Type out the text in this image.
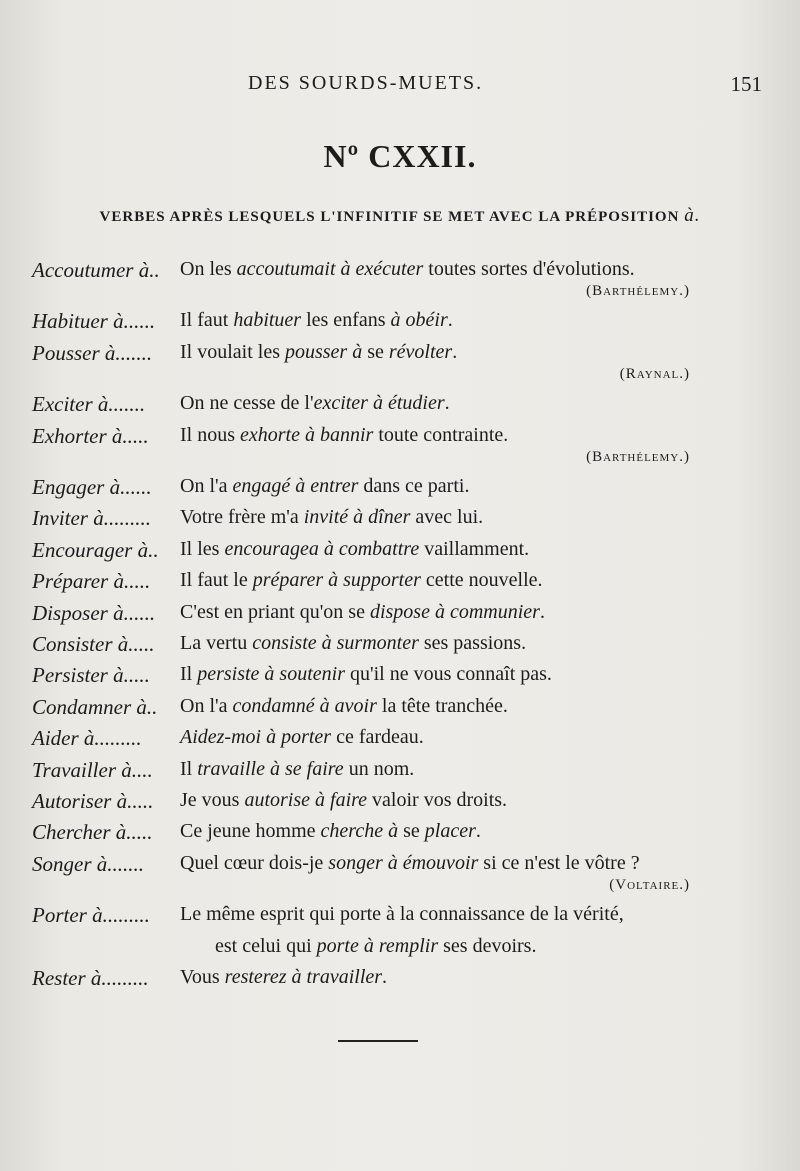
DES SOURDS-MUETS.	151
Nº CXXII.
VERBES APRÈS LESQUELS L'INFINITIF SE MET AVEC LA PRÉPOSITION à.
Accoutumer à..	On les accoutumait à exécuter toutes sortes d'évolutions.
(Barthélemy.)
Habituer à......	Il faut habituer les enfans à obéir.
Pousser à.......	Il voulait les pousser à se révolter.
(Raynal.)
Exciter à.......	On ne cesse de l'exciter à étudier.
Exhorter à.....	Il nous exhorte à bannir toute contrainte.
(Barthélemy.)
Engager à......	On l'a engagé à entrer dans ce parti.
Inviter à.........	Votre frère m'a invité à dîner avec lui.
Encourager à..	Il les encouragea à combattre vaillamment.
Préparer à.....	Il faut le préparer à supporter cette nouvelle.
Disposer à......	C'est en priant qu'on se dispose à communier.
Consister à.....	La vertu consiste à surmonter ses passions.
Persister à.....	Il persiste à soutenir qu'il ne vous connaît pas.
Condamner à..	On l'a condamné à avoir la tête tranchée.
Aider à.........	Aidez-moi à porter ce fardeau.
Travailler à....	Il travaille à se faire un nom.
Autoriser à.....	Je vous autorise à faire valoir vos droits.
Chercher à.....	Ce jeune homme cherche à se placer.
Songer à.......	Quel cœur dois-je songer à émouvoir si ce n'est le vôtre ?
(Voltaire.)
Porter à.........	Le même esprit qui porte à la connaissance de la vérité,
est celui qui porte à remplir ses devoirs.
Rester à.........	Vous resterez à travailler.
